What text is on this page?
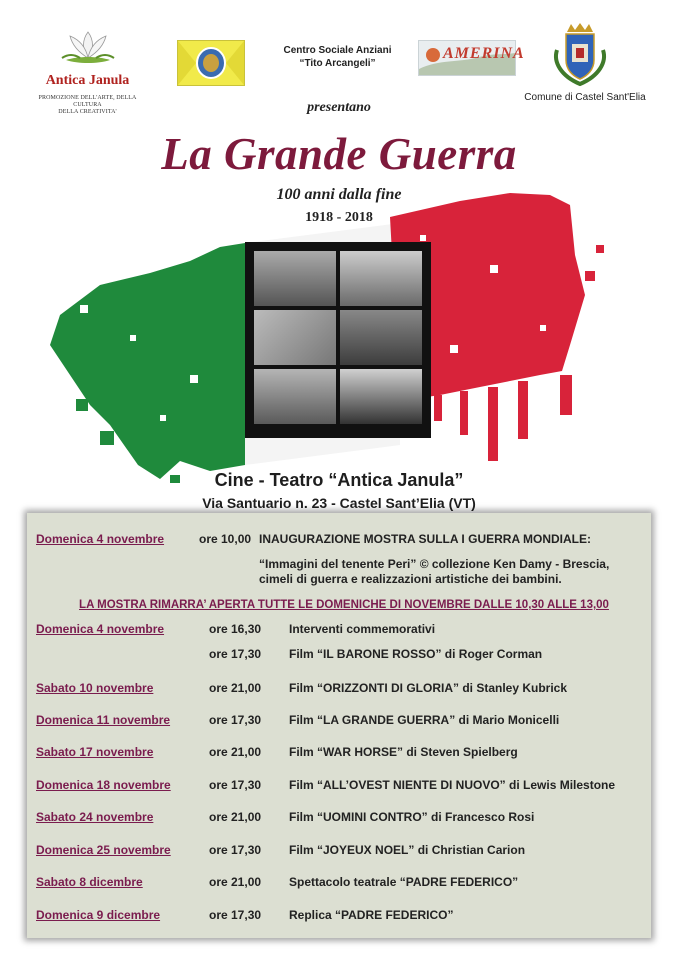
Antica Janula
PROMOZIONE DELL'ARTE, DELLA CULTURA
DELLA CREATIVITA'
Centro Sociale Anziani
“Tito Arcangeli”
AMERINA
Comune di Castel Sant'Elia
presentano
La Grande Guerra
100 anni dalla fine
1918 - 2018
Cine - Teatro “Antica Janula”
Via Santuario n. 23 - Castel Sant’Elia (VT)
Domenica 4 novembre	ore 10,00 INAUGURAZIONE MOSTRA SULLA I GUERRA MONDIALE:
“Immagini del tenente Peri” © collezione Ken Damy - Brescia,
cimeli di guerra e realizzazioni artistiche dei bambini.
LA MOSTRA RIMARRA’ APERTA TUTTE LE DOMENICHE DI NOVEMBRE DALLE 10,30 ALLE 13,00
Domenica 4 novembre	ore 16,30 Interventi commemorativi
ore 17,30 Film “IL BARONE ROSSO” di Roger Corman
Sabato 10 novembre	ore 21,00 Film “ORIZZONTI DI GLORIA” di Stanley Kubrick
Domenica 11 novembre	ore 17,30 Film “LA GRANDE GUERRA” di Mario Monicelli
Sabato 17 novembre	ore 21,00 Film “WAR HORSE” di Steven Spielberg
Domenica 18 novembre	ore 17,30 Film “ALL’OVEST NIENTE DI NUOVO” di Lewis Milestone
Sabato 24 novembre	ore 21,00 Film “UOMINI CONTRO” di Francesco Rosi
Domenica 25 novembre	ore 17,30 Film “JOYEUX NOEL” di Christian Carion
Sabato 8 dicembre	ore 21,00 Spettacolo teatrale “PADRE FEDERICO”
Domenica 9 dicembre	ore 17,30 Replica “PADRE FEDERICO”
